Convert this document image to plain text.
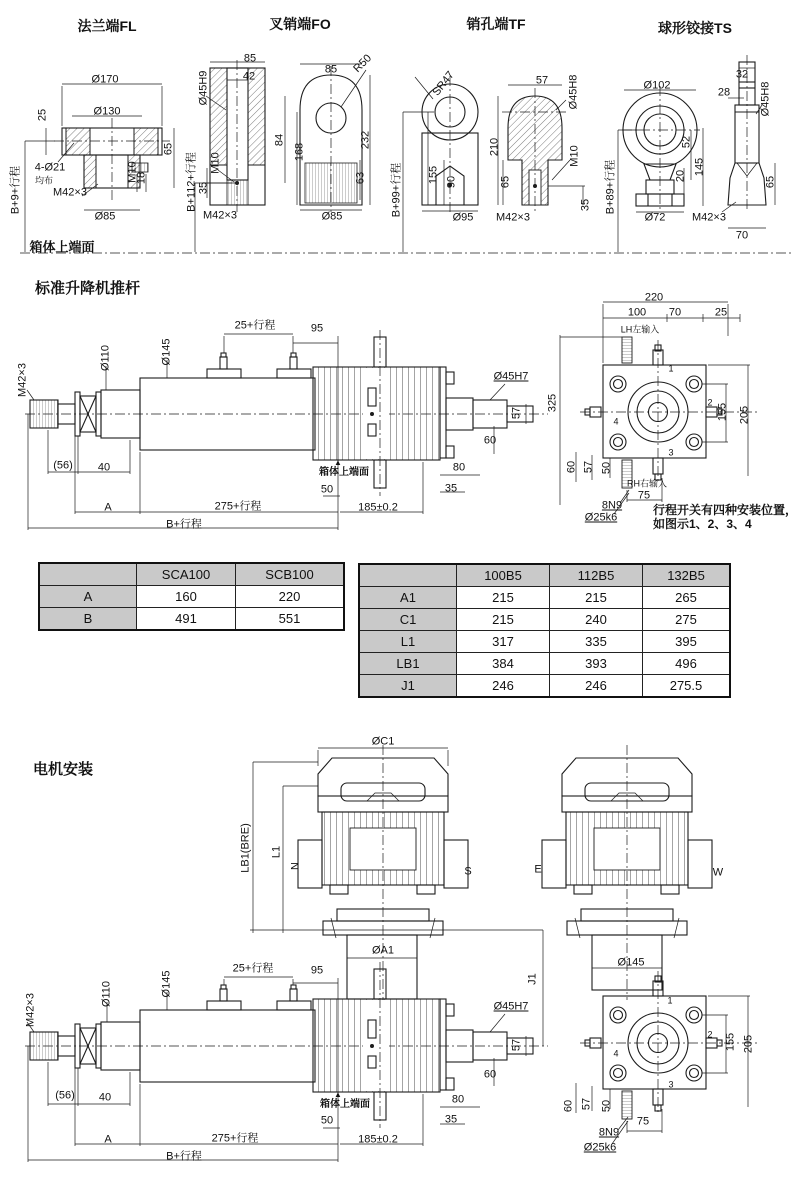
法兰端FL	叉销端FO	销孔端TF	球形铰接TS
标准升降机推杆
电机安装
Ø170
Ø130
25
65
4-Ø21
均布	M10
18
M42×3
Ø85
B+9+行程
箱体上端面
85
42
Ø45H9
84
M10
35
M42×3
B+112+行程
85 R50
232
168
63
Ø85
SR47
155 90
Ø95
B+99+行程
57 Ø45H8
210
65
M10
35
M42×3
Ø102
52
145
20
Ø72
B+89+行程
32
28	Ø45H8
65
M42×3
70
25+行程	95
M42×3
Ø110	Ø145
Ø45H7
57
60
80
35
▲
箱体上端面
50
(56) 40
A	275+行程	185±0.2
B+行程
220
100 70	25
LH左输入
325
1
2
155 205
4
3
60 57 50
RH右输入
75
8N9
Ø25k6
行程开关有四种安装位置，
如图示1、2、3、4
ØC1
LB1(BRE) L1
N	S	E	W
ØA1
Ø145
J1
25+行程	95
M42×3	Ø110	Ø145
Ø45H7
57
60
80
35
▲
箱体上端面
50
(56) 40
A	275+行程	185±0.2
B+行程
1
2 155 205
4
3
60 57 50
75
8N9
Ø25k6
	SCA100	SCB100
A	160	220
B	491	551
	100B5	112B5	132B5
A1	215	215	265
C1	215	240	275
L1	317	335	395
LB1	384	393	496
J1	246	246	275.5
